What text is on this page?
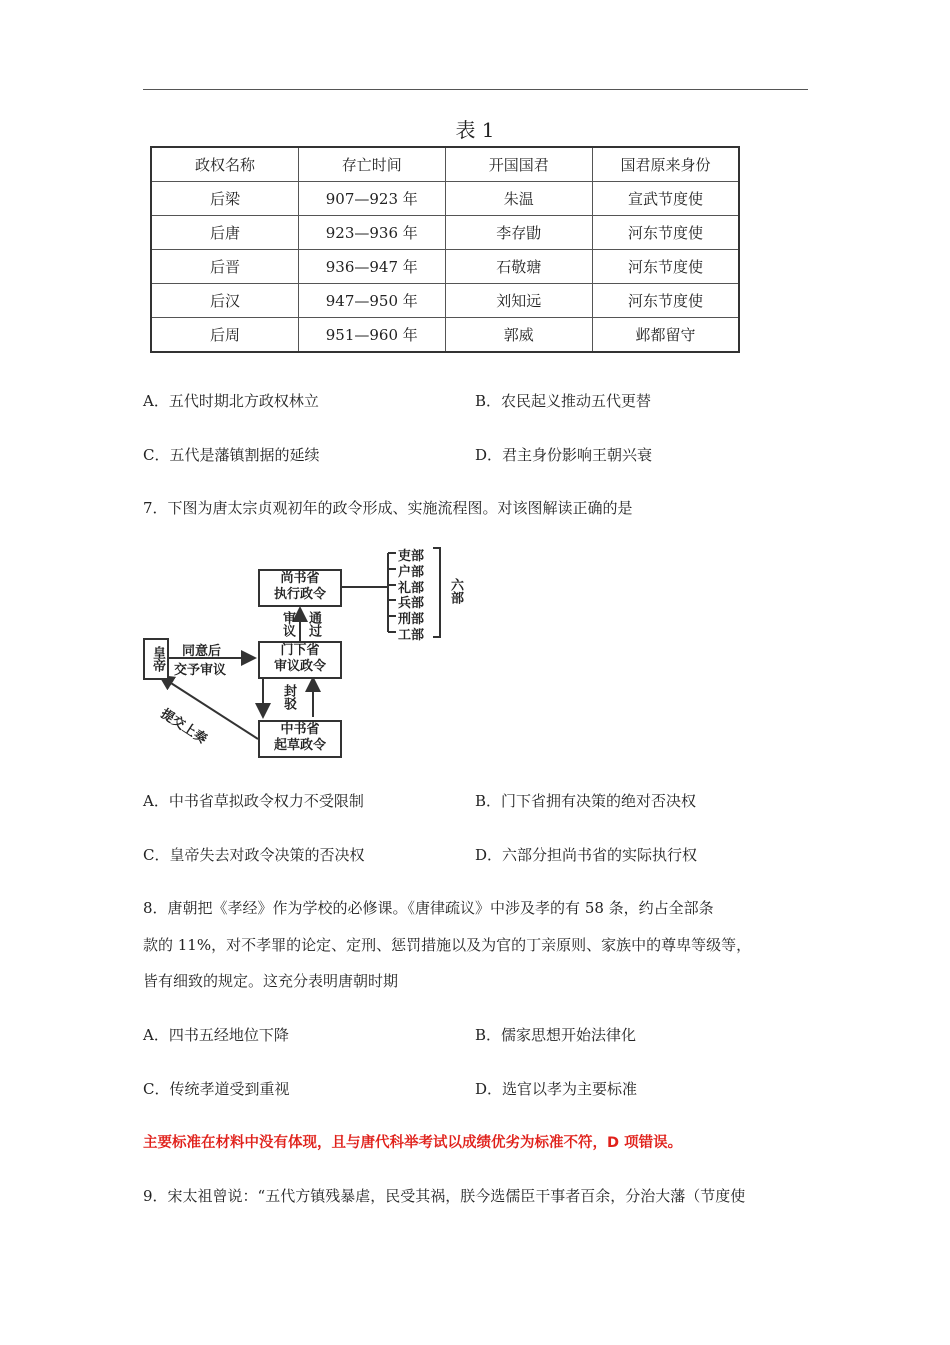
表 1
政权名称	存亡时间	开国国君	国君原来身份
后梁	907—923 年	朱温	宣武节度使
后唐	923—936 年	李存勖	河东节度使
后晋	936—947 年	石敬瑭	河东节度使
后汉	947—950 年	刘知远	河东节度使
后周	951—960 年	郭威	邺都留守
A．五代时期北方政权林立	B．农民起义推动五代更替
C．五代是藩镇割据的延续	D．君主身份影响王朝兴衰
7．下图为唐太宗贞观初年的政令形成、实施流程图。对该图解读正确的是
尚书省
执行政令
门下省
审议政令
中书省
起草政令
皇帝	同意后
交予审议
审议 通过
封驳
提交上奏
吏部
户部
礼部
兵部
刑部
工部
六部
A．中书省草拟政令权力不受限制	B．门下省拥有决策的绝对否决权
C．皇帝失去对政令决策的否决权	D．六部分担尚书省的实际执行权
8．唐朝把《孝经》作为学校的必修课。《唐律疏议》中涉及孝的有 58 条，约占全部条
款的 11%，对不孝罪的论定、定刑、惩罚措施以及为官的丁亲原则、家族中的尊卑等级等，
皆有细致的规定。这充分表明唐朝时期
A．四书五经地位下降	B．儒家思想开始法律化
C．传统孝道受到重视	D．选官以孝为主要标准
主要标准在材料中没有体现，且与唐代科举考试以成绩优劣为标准不符，D 项错误。
9．宋太祖曾说：“五代方镇残暴虐，民受其祸，朕今选儒臣干事者百余，分治大藩（节度使
